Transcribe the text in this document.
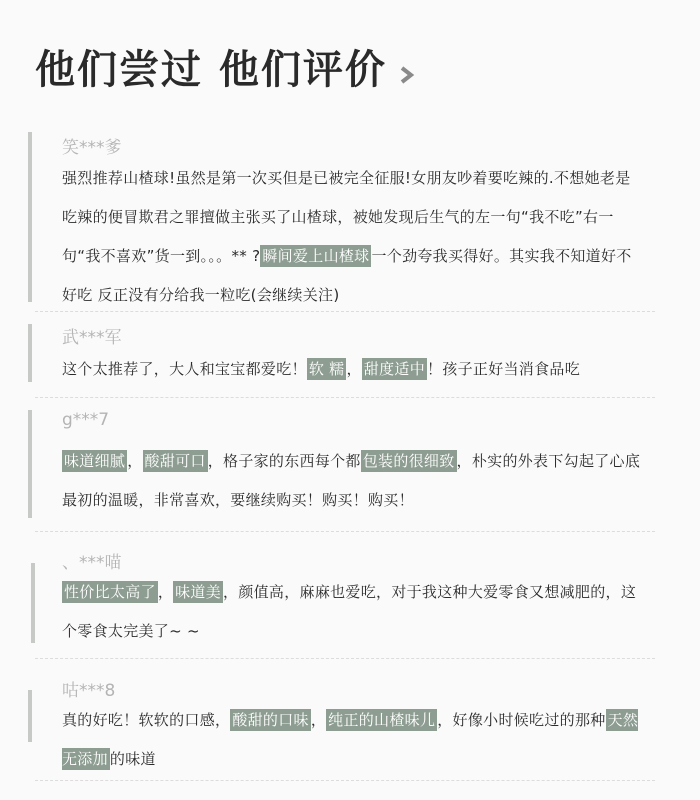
他们尝过 他们评价
笑***爹
强烈推荐山楂球!虽然是第一次买但是已被完全征服!女朋友吵着要吃辣的.不想她老是吃辣的便冒欺君之罪擅做主张买了山楂球，被她发现后生气的左一句“我不吃”右一句“我不喜欢”货一到。。。** ? 瞬间爱上山楂球 一个劲夸我买得好。其实我不知道好不好吃 反正没有分给我一粒吃(会继续关注)
武***军
这个太推荐了，大人和宝宝都爱吃！ 软 糯 ， 甜度适中 ！孩子正好当消食品吃
g***7
味道细腻 ， 酸甜可口 ，格子家的东西每个都 包装的很细致 ，朴实的外表下勾起了心底最初的温暖，非常喜欢，要继续购买！购买！购买！
、***喵
性价比太高了 ， 味道美 ，颜值高，麻麻也爱吃，对于我这种大爱零食又想减肥的，这个零食太完美了~ ~
咕***8
真的好吃！软软的口感， 酸甜的口味 ， 纯正的山楂味儿 ，好像小时候吃过的那种 天然无添加 的味道
